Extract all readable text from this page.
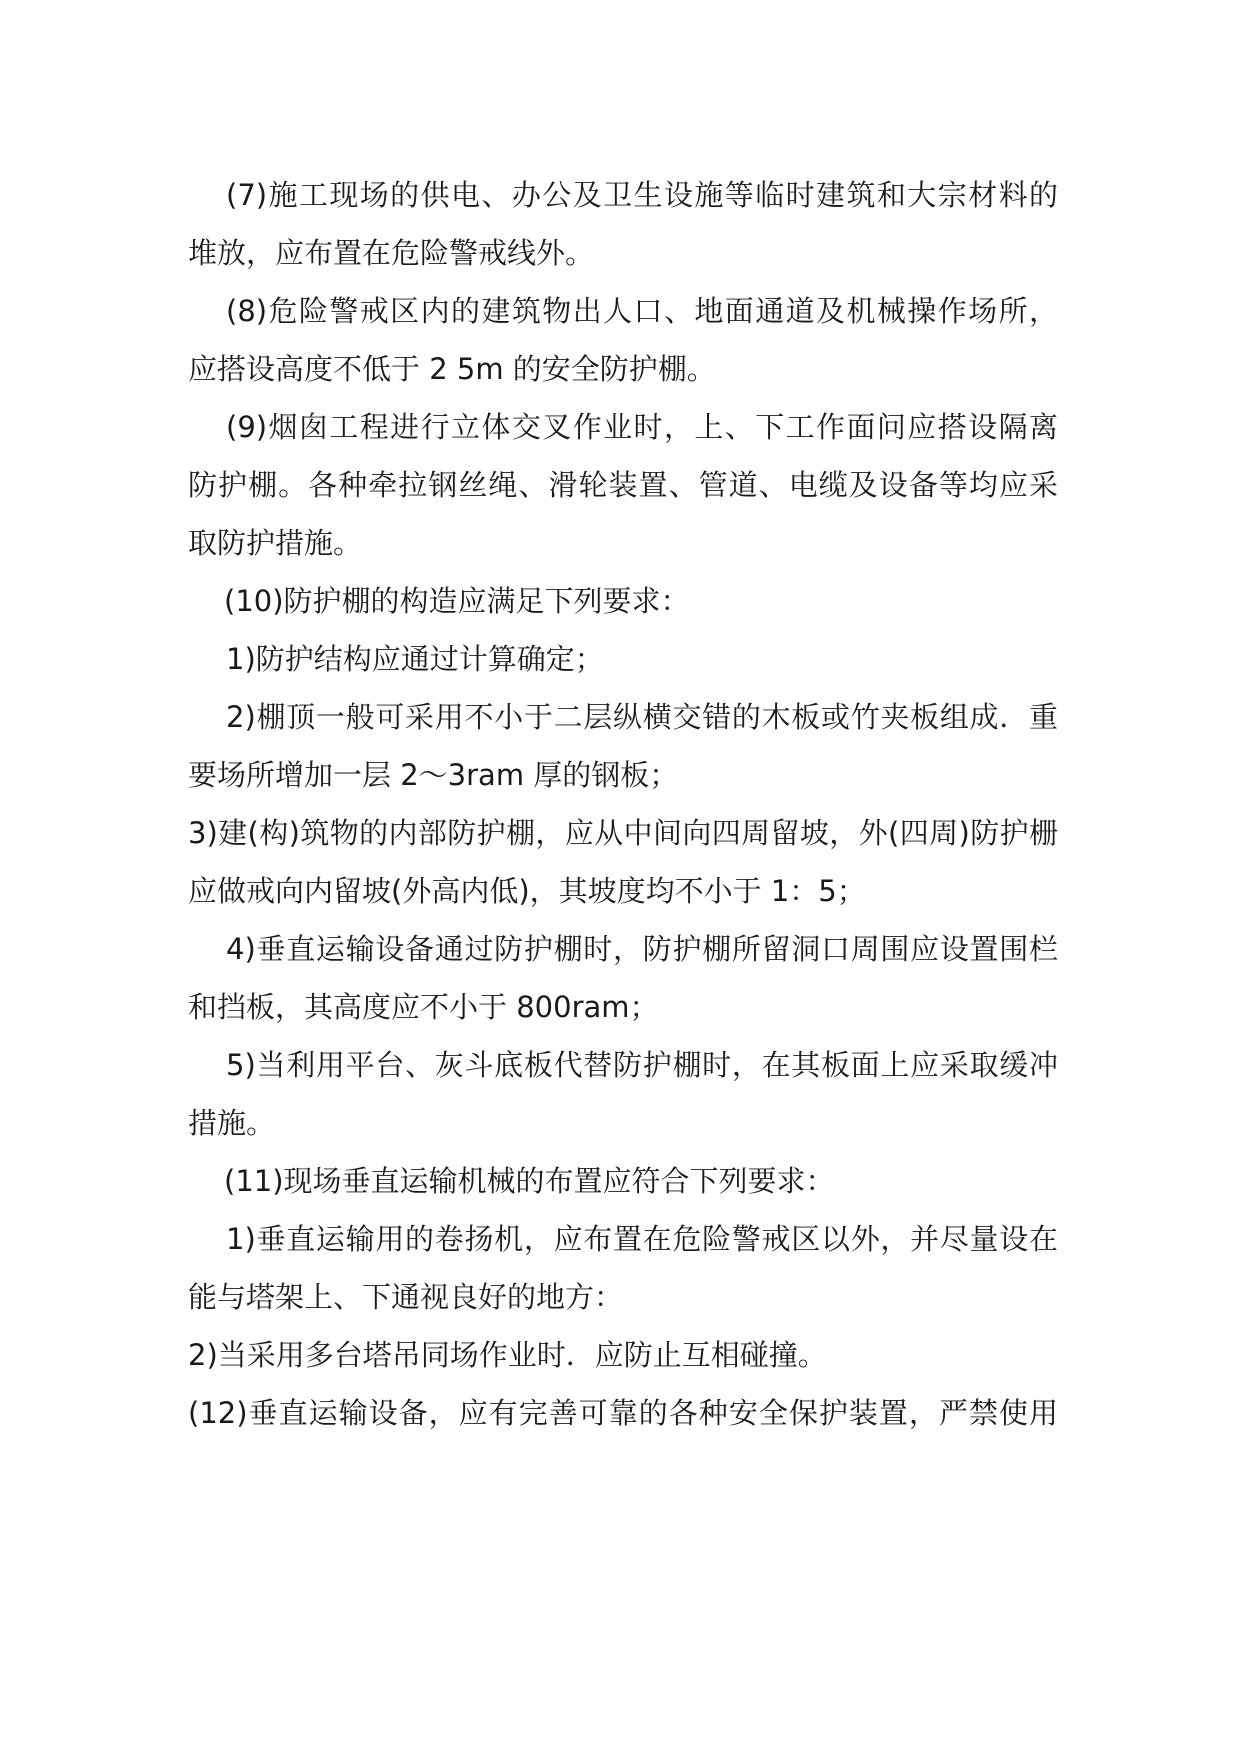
(7)施工现场的供电、办公及卫生设施等临时建筑和大宗材料的
堆放，应布置在危险警戒线外。
(8)危险警戒区内的建筑物出人口、地面通道及机械操作场所，
应搭设高度不低于 2 5m 的安全防护棚。
(9)烟囱工程进行立体交叉作业时，上、下工作面问应搭设隔离
防护棚。各种牵拉钢丝绳、滑轮装置、管道、电缆及设备等均应采
取防护措施。
(10)防护棚的构造应满足下列要求：
1)防护结构应通过计算确定；
2)棚顶一般可采用不小于二层纵横交错的木板或竹夹板组成．重
要场所增加一层 2～3ram 厚的钢板；
3)建(构)筑物的内部防护棚，应从中间向四周留坡，外(四周)防护栅
应做戒向内留坡(外高内低)，其坡度均不小于 1：5；
4)垂直运输设备通过防护棚时，防护棚所留洞口周围应设置围栏
和挡板，其高度应不小于 800ram；
5)当利用平台、灰斗底板代替防护棚时，在其板面上应采取缓冲
措施。
(11)现场垂直运输机械的布置应符合下列要求：
1)垂直运输用的卷扬机，应布置在危险警戒区以外，并尽量设在
能与塔架上、下通视良好的地方：
2)当采用多台塔吊同场作业时．应防止互相碰撞。
(12)垂直运输设备，应有完善可靠的各种安全保护装置，严禁使用
